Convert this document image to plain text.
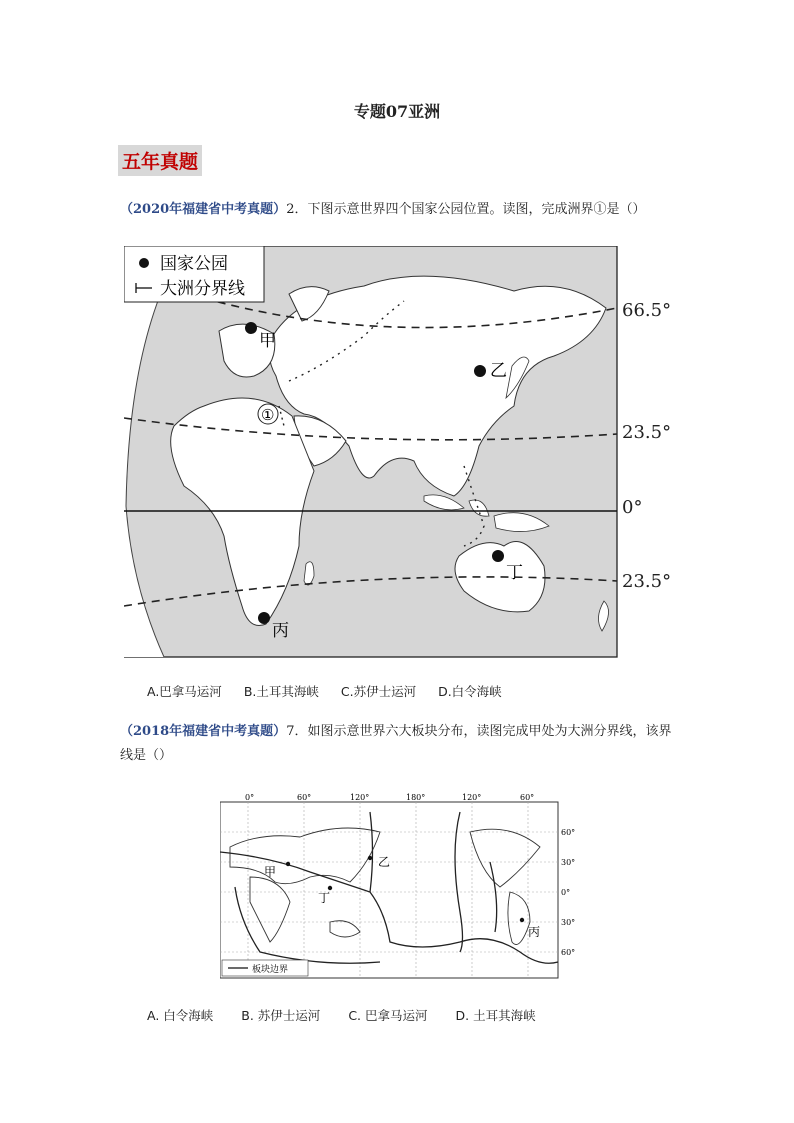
专题07亚洲
五年真题
（2020年福建省中考真题）2．下图示意世界四个国家公园位置。读图，完成洲界①是（）
国家公园
大洲分界线
甲
乙
丁
丙
①
66.5°
23.5°
0°
23.5°
A.巴拿马运河 B.土耳其海峡 C.苏伊士运河 D.白令海峡
（2018年福建省中考真题）7．如图示意世界六大板块分布，读图完成甲处为大洲分界线，该界线是（）
甲
乙
丁
丙
0°	60°	120°	180°	120°	60°
60°
30°
0°
30°
60°
板块边界
A. 白令海峡 B. 苏伊士运河 C. 巴拿马运河 D. 土耳其海峡
